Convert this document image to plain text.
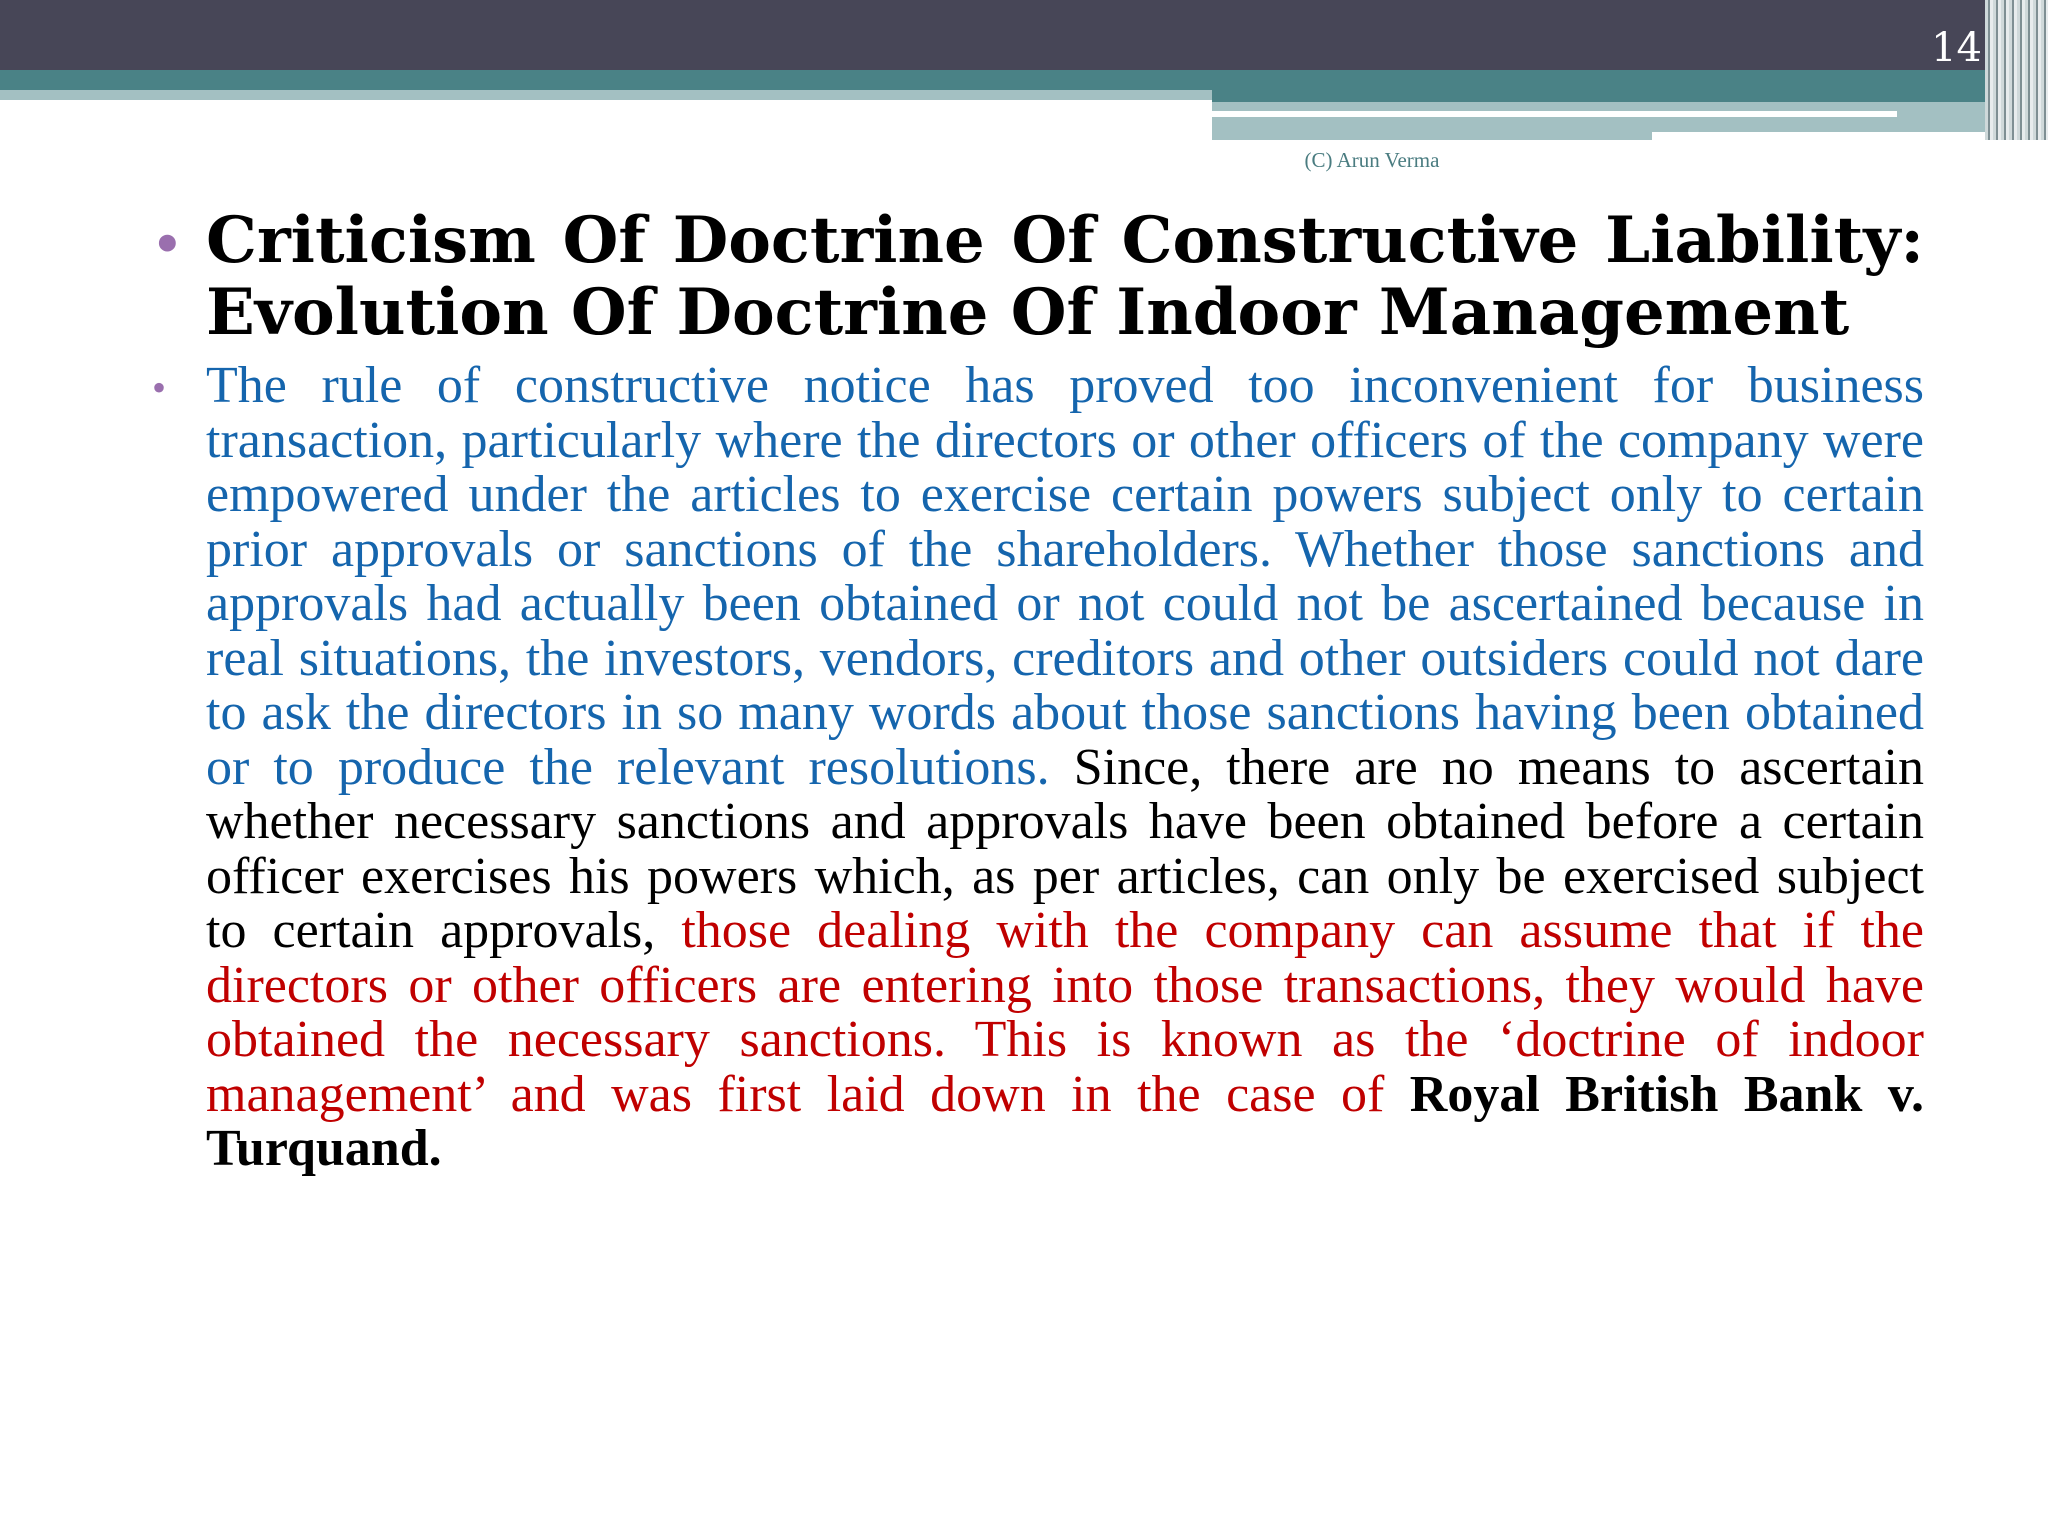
14
(C) Arun Verma
• Criticism Of Doctrine Of Constructive Liability: Evolution Of Doctrine Of Indoor Management
• The rule of constructive notice has proved too inconvenient for business transaction, particularly where the directors or other officers of the company were empowered under the articles to exercise certain powers subject only to certain prior approvals or sanctions of the shareholders. Whether those sanctions and approvals had actually been obtained or not could not be ascertained because in real situations, the investors, vendors, creditors and other outsiders could not dare to ask the directors in so many words about those sanctions having been obtained or to produce the relevant resolutions. Since, there are no means to ascertain whether necessary sanctions and approvals have been obtained before a certain officer exercises his powers which, as per articles, can only be exercised subject to certain approvals, those dealing with the company can assume that if the directors or other officers are entering into those transactions, they would have obtained the necessary sanctions. This is known as the ‘doctrine of indoor management’ and was first laid down in the case of Royal British Bank v. Turquand.
